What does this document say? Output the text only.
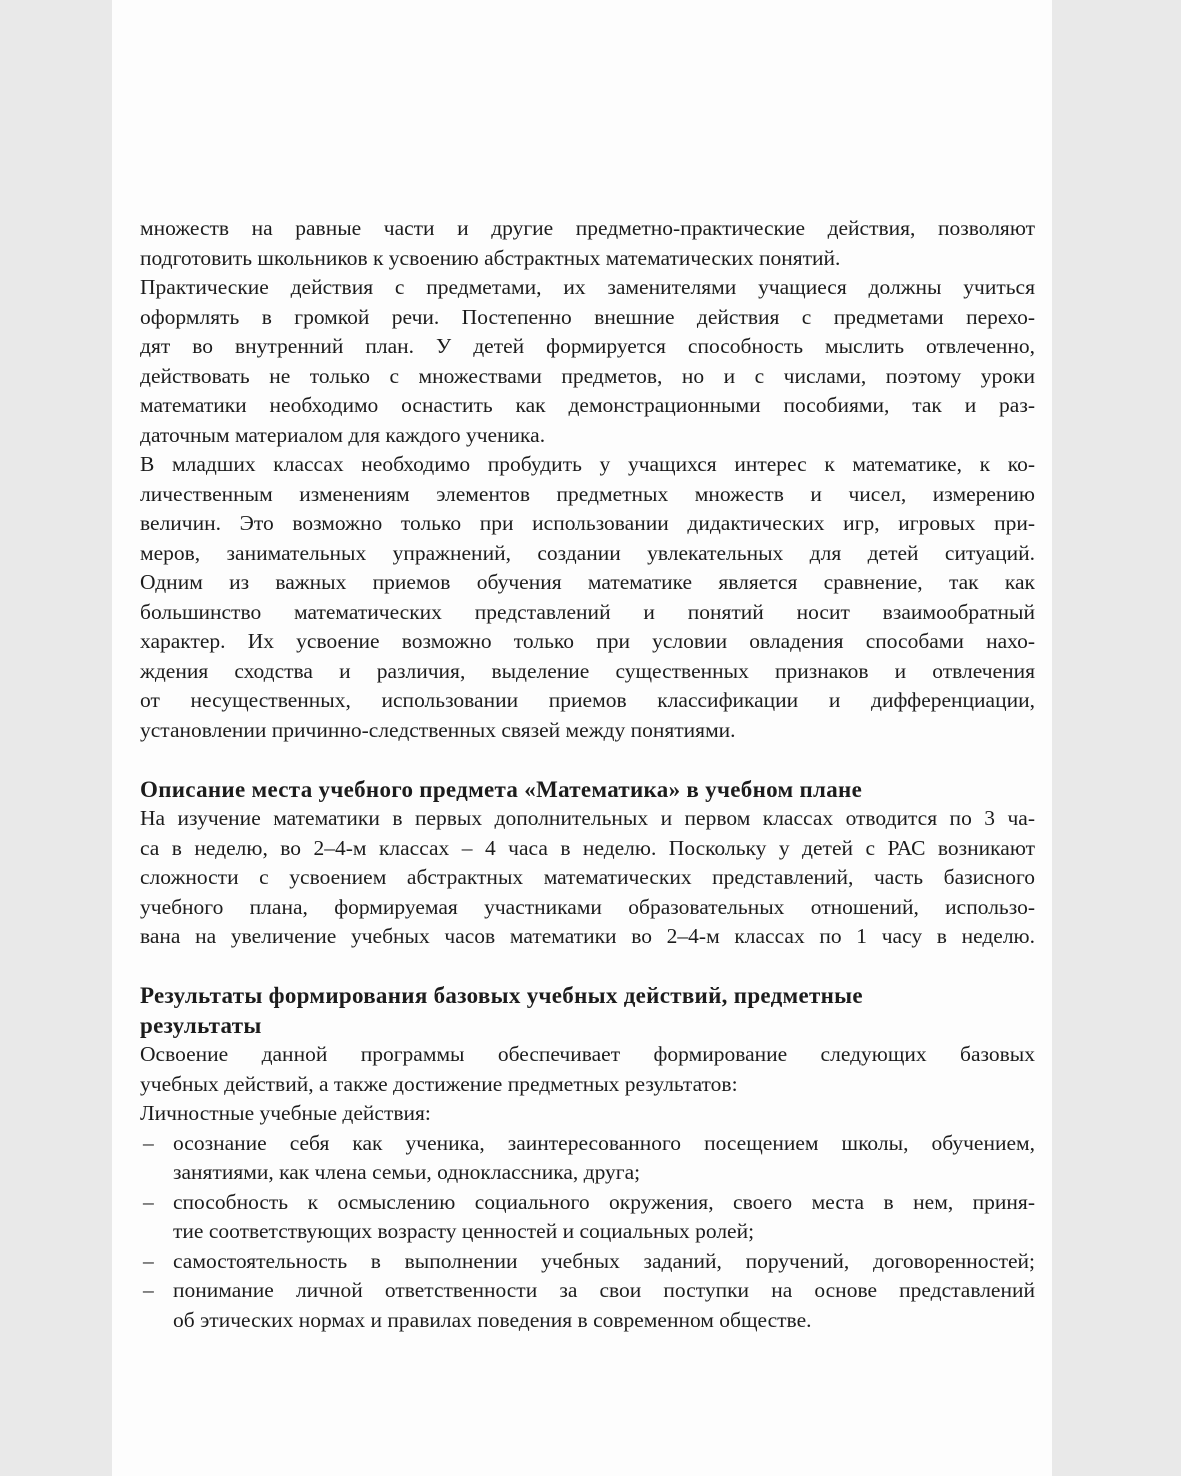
множеств на равные части и другие предметно-практические действия, позволяют
подготовить школьников к усвоению абстрактных математических понятий.
Практические действия с предметами, их заменителями учащиеся должны учиться
оформлять в громкой речи. Постепенно внешние действия с предметами перехо-
дят во внутренний план. У детей формируется способность мыслить отвлеченно,
действовать не только с множествами предметов, но и с числами, поэтому уроки
математики необходимо оснастить как демонстрационными пособиями, так и раз-
даточным материалом для каждого ученика.
В младших классах необходимо пробудить у учащихся интерес к математике, к ко-
личественным изменениям элементов предметных множеств и чисел, измерению
величин. Это возможно только при использовании дидактических игр, игровых при-
меров, занимательных упражнений, создании увлекательных для детей ситуаций.
Одним из важных приемов обучения математике является сравнение, так как
большинство математических представлений и понятий носит взаимообратный
характер. Их усвоение возможно только при условии овладения способами нахо-
ждения сходства и различия, выделение существенных признаков и отвлечения
от несущественных, использовании приемов классификации и дифференциации,
установлении причинно-следственных связей между понятиями.
Описание места учебного предмета «Математика» в учебном плане
На изучение математики в первых дополнительных и первом классах отводится по 3 ча-
са в неделю, во 2–4-м классах – 4 часа в неделю. Поскольку у детей с РАС возникают
сложности с усвоением абстрактных математических представлений, часть базисного
учебного плана, формируемая участниками образовательных отношений, использо-
вана на увеличение учебных часов математики во 2–4-м классах по 1 часу в неделю.
Результаты формирования базовых учебных действий, предметные
результаты
Освоение данной программы обеспечивает формирование следующих базовых
учебных действий, а также достижение предметных результатов:
Личностные учебные действия:
– осознание себя как ученика, заинтересованного посещением школы, обучением,
занятиями, как члена семьи, одноклассника, друга;
– способность к осмыслению социального окружения, своего места в нем, приня-
тие соответствующих возрасту ценностей и социальных ролей;
– самостоятельность в выполнении учебных заданий, поручений, договоренностей;
– понимание личной ответственности за свои поступки на основе представлений
об этических нормах и правилах поведения в современном обществе.
